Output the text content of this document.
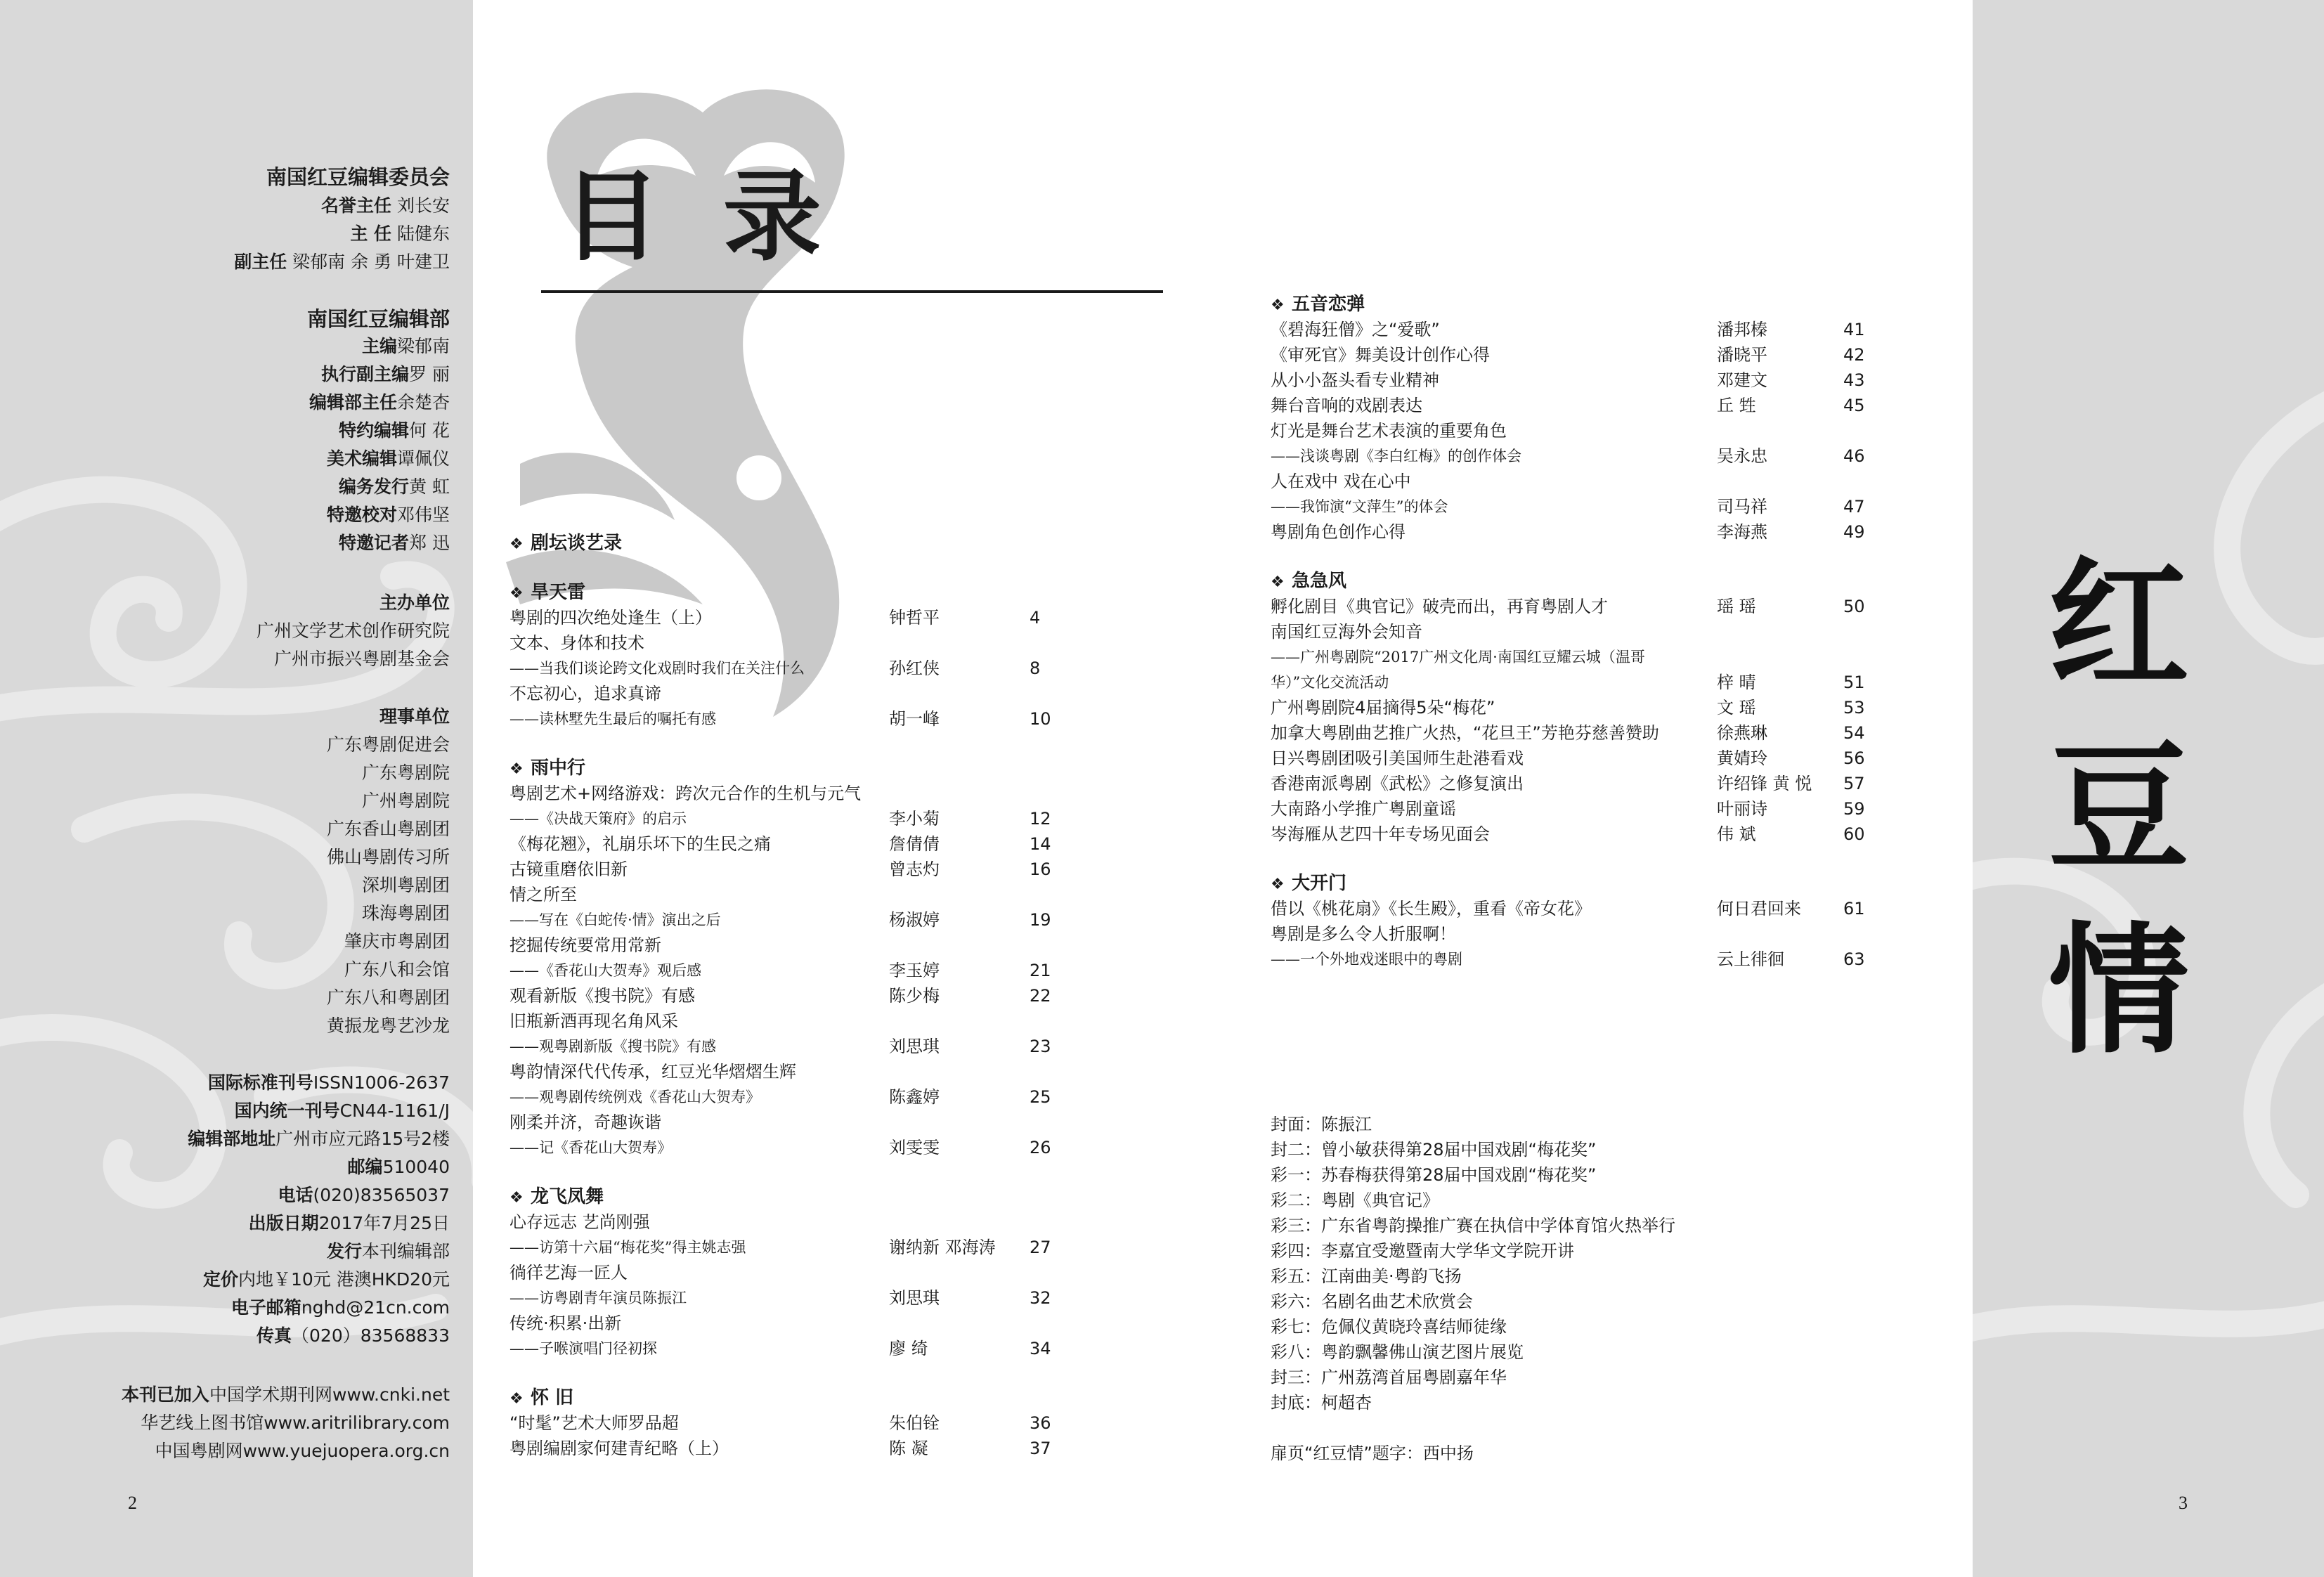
南国红豆编辑委员会
名誉主任 刘长安
主 任 陆健东
副主任 梁郁南 余 勇 叶建卫
南国红豆编辑部
主编梁郁南
执行副主编罗 丽
编辑部主任余楚杏
特约编辑何 花
美术编辑谭佩仪
编务发行黄 虹
特邀校对邓伟坚
特邀记者郑 迅
主办单位
广州文学艺术创作研究院
广州市振兴粤剧基金会
理事单位
广东粤剧促进会
广东粤剧院
广州粤剧院
广东香山粤剧团
佛山粤剧传习所
深圳粤剧团
珠海粤剧团
肇庆市粤剧团
广东八和会馆
广东八和粤剧团
黄振龙粤艺沙龙
国际标准刊号ISSN1006-2637
国内统一刊号CN44-1161/J
编辑部地址广州市应元路15号2楼
邮编510040
电话(020)83565037
出版日期2017年7月25日
发行本刊编辑部
定价内地￥10元 港澳HKD20元
电子邮箱nghd@21cn.com
传真（020）83568833
本刊已加入中国学术期刊网www.cnki.net
华艺线上图书馆www.aritrilibrary.com
中国粤剧网www.yuejuopera.org.cn
2
目 录
❖ 剧坛谈艺录
❖ 旱天雷
粤剧的四次绝处逢生（上）	钟哲平	4
文本、身体和技术
——当我们谈论跨文化戏剧时我们在关注什么	孙红侠	8
不忘初心，追求真谛
——读林墅先生最后的嘱托有感	胡一峰	10
❖ 雨中行
粤剧艺术+网络游戏：跨次元合作的生机与元气
——《决战天策府》的启示	李小菊	12
《梅花翘》，礼崩乐坏下的生民之痛	詹倩倩	14
古镜重磨依旧新	曾志灼	16
情之所至
——写在《白蛇传·情》演出之后	杨淑婷	19
挖掘传统要常用常新
——《香花山大贺寿》观后感	李玉婷	21
观看新版《搜书院》有感	陈少梅	22
旧瓶新酒再现名角风采
——观粤剧新版《搜书院》有感	刘思琪	23
粤韵情深代代传承，红豆光华熠熠生辉
——观粤剧传统例戏《香花山大贺寿》	陈鑫婷	25
刚柔并济，奇趣诙谐
——记《香花山大贺寿》	刘雯雯	26
❖ 龙飞凤舞
心存远志 艺尚刚强
——访第十六届“梅花奖”得主姚志强	谢纳新 邓海涛 27
徜徉艺海一匠人
——访粤剧青年演员陈振江	刘思琪	32
传统·积累·出新
——子喉演唱门径初探	廖 绮	34
❖ 怀 旧
“时髦”艺术大师罗品超	朱伯铨	36
粤剧编剧家何建青纪略（上）	陈 凝	37
❖ 五音恋弹
《碧海狂僧》之“爱歌”	潘邦榛	41
《审死官》舞美设计创作心得	潘晓平	42
从小小盔头看专业精神	邓建文	43
舞台音响的戏剧表达	丘 甡	45
灯光是舞台艺术表演的重要角色
——浅谈粤剧《李白红梅》的创作体会	吴永忠	46
人在戏中 戏在心中
——我饰演“文萍生”的体会	司马祥	47
粤剧角色创作心得	李海燕	49
❖ 急急风
孵化剧目《典官记》破壳而出，再育粤剧人才	瑶 瑶	50
南国红豆海外会知音
——广州粤剧院“2017广州文化周·南国红豆耀云城（温哥
华）”文化交流活动	梓 晴	51
广州粤剧院4届摘得5朵“梅花”	文 瑶	53
加拿大粤剧曲艺推广火热，“花旦王”芳艳芬慈善赞助	徐燕琳	54
日兴粤剧团吸引美国师生赴港看戏	黄婧玲	56
香港南派粤剧《武松》之修复演出	许绍锋 黄 悦 57
大南路小学推广粤剧童谣	叶丽诗	59
岑海雁从艺四十年专场见面会	伟 斌	60
❖ 大开门
借以《桃花扇》《长生殿》，重看《帝女花》	何日君回来	61
粤剧是多么令人折服啊！
——一个外地戏迷眼中的粤剧	云上徘徊	63
封面：陈振江
封二：曾小敏获得第28届中国戏剧“梅花奖”
彩一：苏春梅获得第28届中国戏剧“梅花奖”
彩二：粤剧《典官记》
彩三：广东省粤韵操推广赛在执信中学体育馆火热举行
彩四：李嘉宜受邀暨南大学华文学院开讲
彩五：江南曲美·粤韵飞扬
彩六：名剧名曲艺术欣赏会
彩七：危佩仪黄晓玲喜结师徒缘
彩八：粤韵飘馨佛山演艺图片展览
封三：广州荔湾首届粤剧嘉年华
封底：柯超杏
扉页“红豆情”题字：西中扬
红
豆
情
3
